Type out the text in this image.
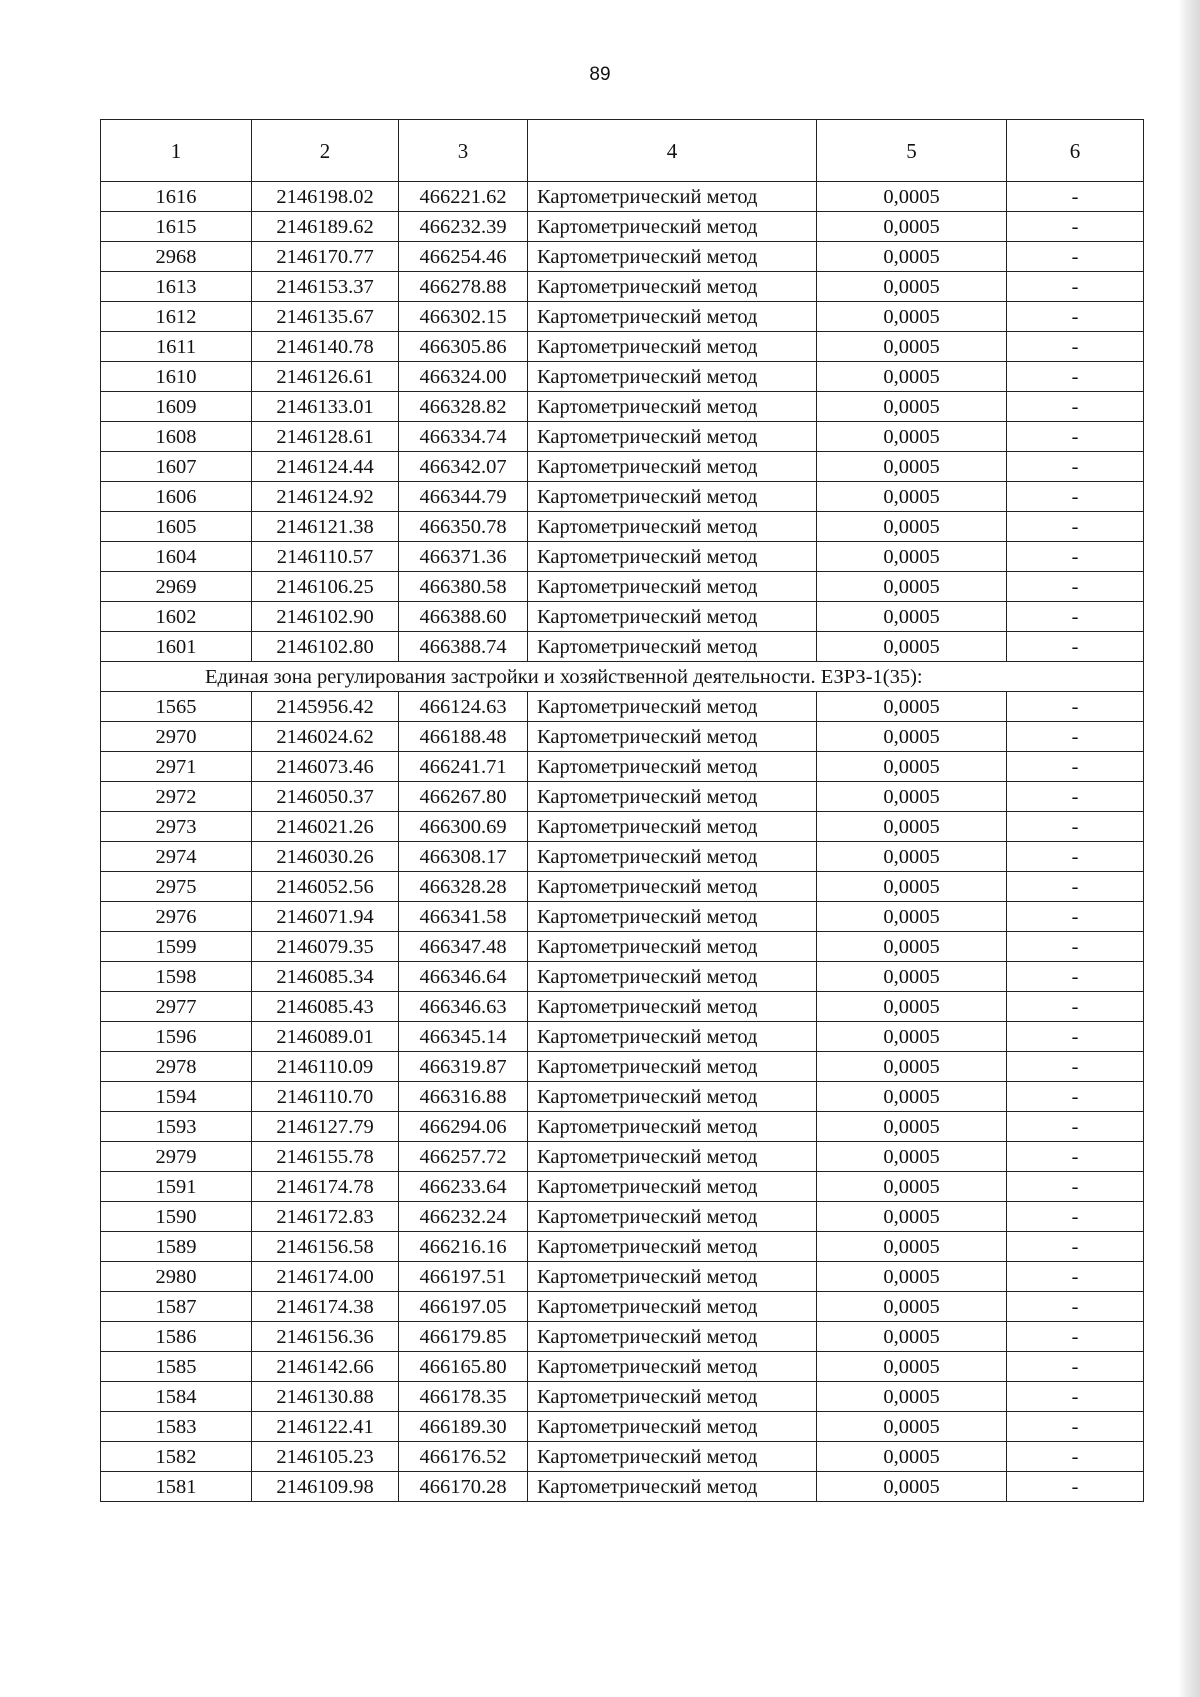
89
1	2	3	4	5	6
1616	2146198.02	466221.62	Картометрический метод	0,0005	-
1615	2146189.62	466232.39	Картометрический метод	0,0005	-
2968	2146170.77	466254.46	Картометрический метод	0,0005	-
1613	2146153.37	466278.88	Картометрический метод	0,0005	-
1612	2146135.67	466302.15	Картометрический метод	0,0005	-
1611	2146140.78	466305.86	Картометрический метод	0,0005	-
1610	2146126.61	466324.00	Картометрический метод	0,0005	-
1609	2146133.01	466328.82	Картометрический метод	0,0005	-
1608	2146128.61	466334.74	Картометрический метод	0,0005	-
1607	2146124.44	466342.07	Картометрический метод	0,0005	-
1606	2146124.92	466344.79	Картометрический метод	0,0005	-
1605	2146121.38	466350.78	Картометрический метод	0,0005	-
1604	2146110.57	466371.36	Картометрический метод	0,0005	-
2969	2146106.25	466380.58	Картометрический метод	0,0005	-
1602	2146102.90	466388.60	Картометрический метод	0,0005	-
1601	2146102.80	466388.74	Картометрический метод	0,0005	-
Единая зона регулирования застройки и хозяйственной деятельности. ЕЗРЗ-1(35):					
1565	2145956.42	466124.63	Картометрический метод	0,0005	-
2970	2146024.62	466188.48	Картометрический метод	0,0005	-
2971	2146073.46	466241.71	Картометрический метод	0,0005	-
2972	2146050.37	466267.80	Картометрический метод	0,0005	-
2973	2146021.26	466300.69	Картометрический метод	0,0005	-
2974	2146030.26	466308.17	Картометрический метод	0,0005	-
2975	2146052.56	466328.28	Картометрический метод	0,0005	-
2976	2146071.94	466341.58	Картометрический метод	0,0005	-
1599	2146079.35	466347.48	Картометрический метод	0,0005	-
1598	2146085.34	466346.64	Картометрический метод	0,0005	-
2977	2146085.43	466346.63	Картометрический метод	0,0005	-
1596	2146089.01	466345.14	Картометрический метод	0,0005	-
2978	2146110.09	466319.87	Картометрический метод	0,0005	-
1594	2146110.70	466316.88	Картометрический метод	0,0005	-
1593	2146127.79	466294.06	Картометрический метод	0,0005	-
2979	2146155.78	466257.72	Картометрический метод	0,0005	-
1591	2146174.78	466233.64	Картометрический метод	0,0005	-
1590	2146172.83	466232.24	Картометрический метод	0,0005	-
1589	2146156.58	466216.16	Картометрический метод	0,0005	-
2980	2146174.00	466197.51	Картометрический метод	0,0005	-
1587	2146174.38	466197.05	Картометрический метод	0,0005	-
1586	2146156.36	466179.85	Картометрический метод	0,0005	-
1585	2146142.66	466165.80	Картометрический метод	0,0005	-
1584	2146130.88	466178.35	Картометрический метод	0,0005	-
1583	2146122.41	466189.30	Картометрический метод	0,0005	-
1582	2146105.23	466176.52	Картометрический метод	0,0005	-
1581	2146109.98	466170.28	Картометрический метод	0,0005	-
